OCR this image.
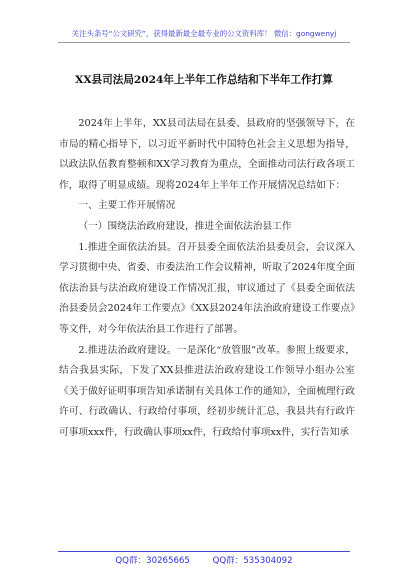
关注头条号“公文研究”，获得最新最全最专业的公文资料库！ 微信：gongwenyj
XX县司法局2024年上半年工作总结和下半年工作打算

2024年上半年，XX县司法局在县委、县政府的坚强领导下，在市局的精心指导下，以习近平新时代中国特色社会主义思想为指导，以政法队伍教育整顿和XX学习教育为重点，全面推动司法行政各项工作，取得了明显成绩。现将2024年上半年工作开展情况总结如下：

一、主要工作开展情况

（一）围绕法治政府建设，推进全面依法治县工作

1.推进全面依法治县。召开县委全面依法治县委员会，会议深入学习贯彻中央、省委、市委法治工作会议精神，听取了2024年度全面依法治县与法治政府建设工作情况汇报，审议通过了《县委全面依法治县委员会2024年工作要点》《XX县2024年法治政府建设工作要点》等文件，对今年依法治县工作进行了部署。

2.推进法治政府建设。一是深化“放管服”改革。参照上级要求，结合我县实际，下发了XX县推进法治政府建设工作领导小组办公室《关于做好证明事项告知承诺制有关具体工作的通知》，全面梳理行政许可、行政确认、行政给付事项，经初步统计汇总，我县共有行政许可事项xxx件，行政确认事项xx件，行政给付事项xx件，实行告知承

QQ群：30265665	QQ群：535304092
